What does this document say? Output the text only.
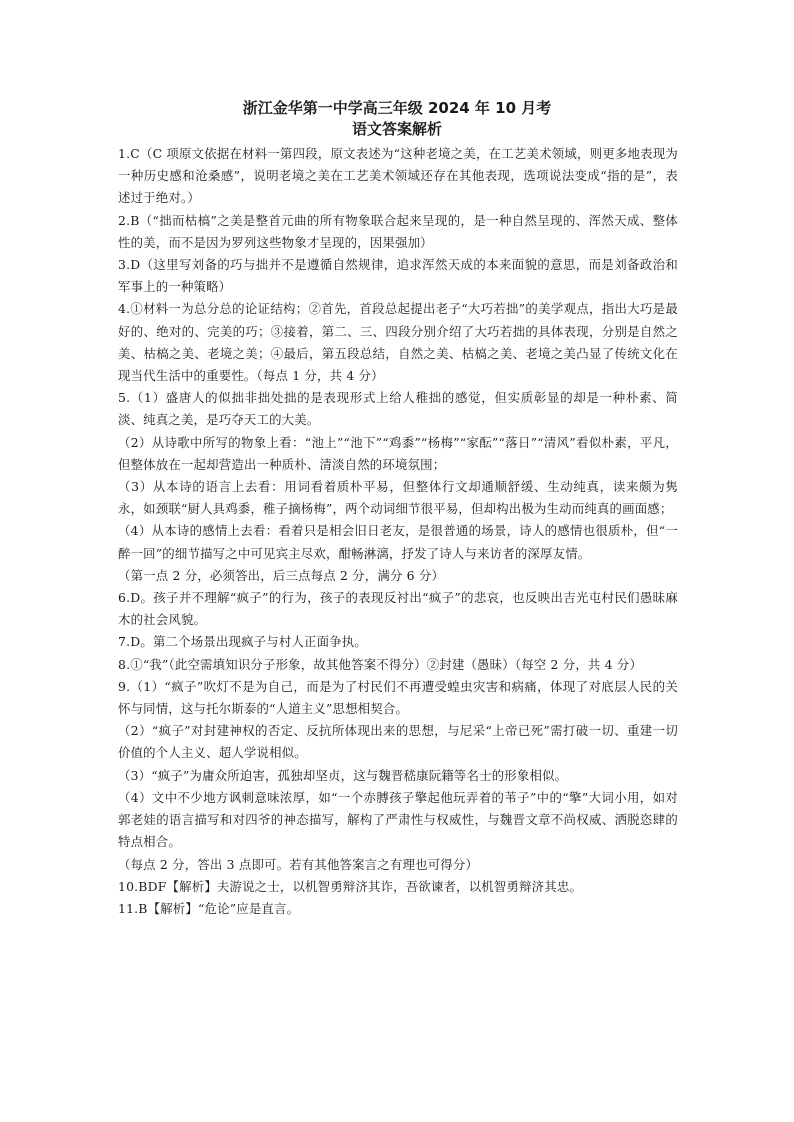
浙江金华第一中学高三年级 2024 年 10 月考
语文答案解析

1.C（C 项原文依据在材料一第四段，原文表述为“这种老境之美，在工艺美术领域，则更多地表现为一种历史感和沧桑感”，说明老境之美在工艺美术领域还存在其他表现，选项说法变成“指的是”，表述过于绝对。）

2.B（“拙而枯槁”之美是整首元曲的所有物象联合起来呈现的，是一种自然呈现的、浑然天成、整体性的美，而不是因为罗列这些物象才呈现的，因果强加）

3.D（这里写刘备的巧与拙并不是遵循自然规律，追求浑然天成的本来面貌的意思，而是刘备政治和军事上的一种策略）

4.①材料一为总分总的论证结构；②首先，首段总起提出老子“大巧若拙”的美学观点，指出大巧是最好的、绝对的、完美的巧；③接着，第二、三、四段分别介绍了大巧若拙的具体表现，分别是自然之美、枯槁之美、老境之美；④最后，第五段总结，自然之美、枯槁之美、老境之美凸显了传统文化在现当代生活中的重要性。（每点 1 分，共 4 分）

5.（1）盛唐人的似拙非拙处拙的是表现形式上给人稚拙的感觉，但实质彰显的却是一种朴素、简淡、纯真之美，是巧夺天工的大美。

（2）从诗歌中所写的物象上看：“池上”“池下”“鸡黍”“杨梅”“家酝”“落日”“清风”看似朴素，平凡，但整体放在一起却营造出一种质朴、清淡自然的环境氛围；

（3）从本诗的语言上去看：用词看着质朴平易，但整体行文却通顺舒缓、生动纯真，读来颇为隽永，如颈联“厨人具鸡黍，稚子摘杨梅”，两个动词细节很平易，但却构出极为生动而纯真的画面感；

（4）从本诗的感情上去看：看着只是相会旧日老友，是很普通的场景，诗人的感情也很质朴，但“一醉一回”的细节描写之中可见宾主尽欢，酣畅淋漓，抒发了诗人与来访者的深厚友情。

（第一点 2 分，必须答出，后三点每点 2 分，满分 6 分）

6.D。孩子并不理解“疯子”的行为，孩子的表现反衬出“疯子”的悲哀，也反映出吉光屯村民们愚昧麻木的社会风貌。

7.D。第二个场景出现疯子与村人正面争执。

8.①“我”（此空需填知识分子形象，故其他答案不得分）②封建（愚昧）（每空 2 分，共 4 分）

9.（1）“疯子”吹灯不是为自己，而是为了村民们不再遭受蝗虫灾害和病痛，体现了对底层人民的关怀与同情，这与托尔斯泰的“人道主义”思想相契合。

（2）“疯子”对封建神权的否定、反抗所体现出来的思想，与尼采“上帝已死”需打破一切、重建一切价值的个人主义、超人学说相似。

（3）“疯子”为庸众所迫害，孤独却坚贞，这与魏晋嵇康阮籍等名士的形象相似。

（4）文中不少地方讽刺意味浓厚，如“一个赤膊孩子擎起他玩弄着的苇子”中的“擎”大词小用，如对郭老娃的语言描写和对四爷的神态描写，解构了严肃性与权威性，与魏晋文章不尚权威、洒脱恣肆的特点相合。

（每点 2 分，答出 3 点即可。若有其他答案言之有理也可得分）

10.BDF【解析】夫游说之士，以机智勇辩济其诈，吾欲谏者，以机智勇辩济其忠。

11.B【解析】“危论”应是直言。
